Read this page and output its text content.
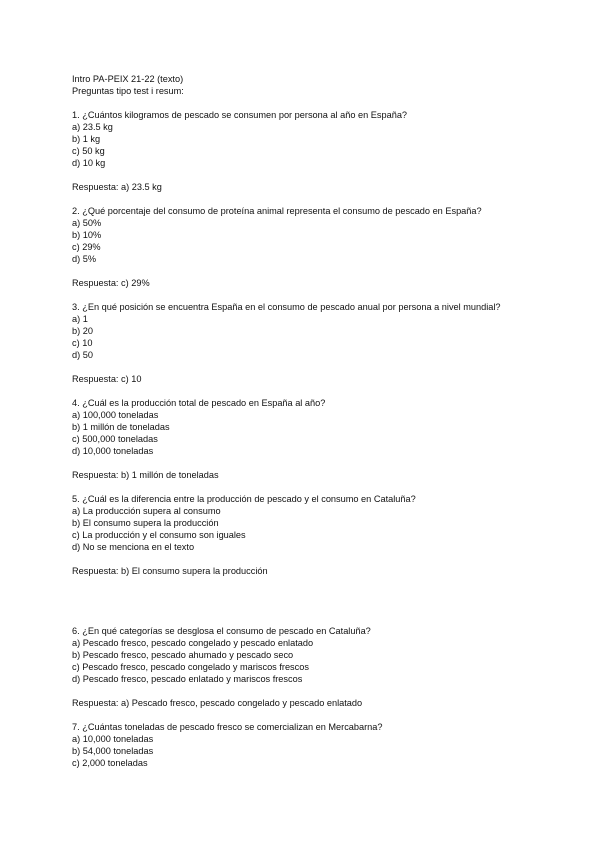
Intro PA-PEIX 21-22 (texto)
Preguntas tipo test i resum:
1. ¿Cuántos kilogramos de pescado se consumen por persona al año en España?
a) 23.5 kg
b) 1 kg
c) 50 kg
d) 10 kg
Respuesta: a) 23.5 kg
2. ¿Qué porcentaje del consumo de proteína animal representa el consumo de pescado en España?
a) 50%
b) 10%
c) 29%
d) 5%
Respuesta: c) 29%
3. ¿En qué posición se encuentra España en el consumo de pescado anual por persona a nivel mundial?
a) 1
b) 20
c) 10
d) 50
Respuesta: c) 10
4. ¿Cuál es la producción total de pescado en España al año?
a) 100,000 toneladas
b) 1 millón de toneladas
c) 500,000 toneladas
d) 10,000 toneladas
Respuesta: b) 1 millón de toneladas
5. ¿Cuál es la diferencia entre la producción de pescado y el consumo en Cataluña?
a) La producción supera al consumo
b) El consumo supera la producción
c) La producción y el consumo son iguales
d) No se menciona en el texto
Respuesta: b) El consumo supera la producción
6. ¿En qué categorías se desglosa el consumo de pescado en Cataluña?
a) Pescado fresco, pescado congelado y pescado enlatado
b) Pescado fresco, pescado ahumado y pescado seco
c) Pescado fresco, pescado congelado y mariscos frescos
d) Pescado fresco, pescado enlatado y mariscos frescos
Respuesta: a) Pescado fresco, pescado congelado y pescado enlatado
7. ¿Cuántas toneladas de pescado fresco se comercializan en Mercabarna?
a) 10,000 toneladas
b) 54,000 toneladas
c) 2,000 toneladas
